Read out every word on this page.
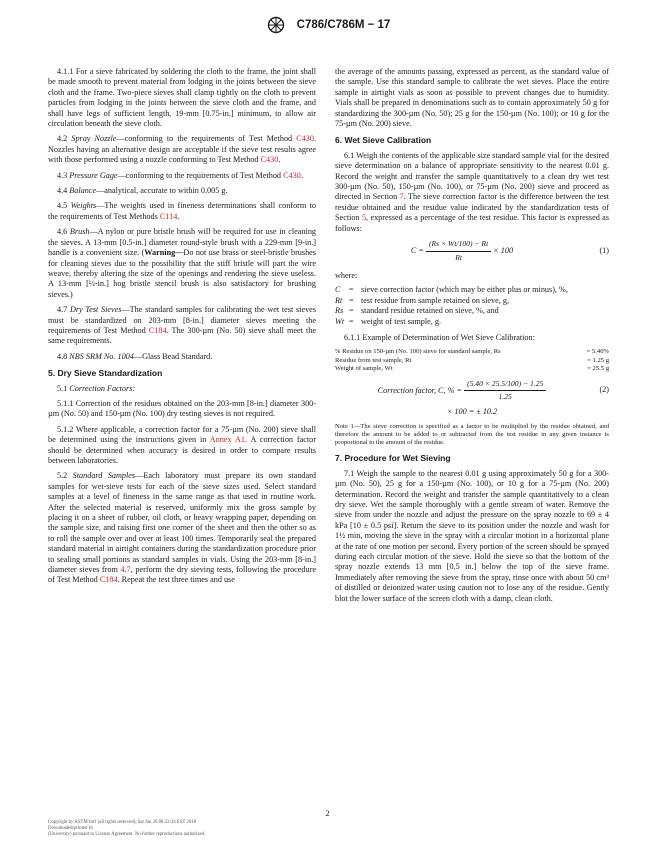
C786/C786M − 17

4.1.1 For a sieve fabricated by soldering the cloth to the frame, the joint shall be made smooth to prevent material from lodging in the joints between the sieve cloth and the frame. Two-piece sieves shall clamp tightly on the cloth to prevent particles from lodging in the joints between the sieve cloth and the frame, and shall have legs of sufficient length, 19-mm [0.75-in.] minimum, to allow air circulation beneath the sieve cloth.

4.2 Spray Nozzle—conforming to the requirements of Test Method C430. Nozzles having an alternative design are acceptable if the sieve test results agree with those performed using a nozzle conforming to Test Method C430.

4.3 Pressure Gage—conforming to the requirements of Test Method C430.

4.4 Balance—analytical, accurate to within 0.005 g.

4.5 Weights—The weights used in fineness determinations shall conform to the requirements of Test Methods C114.

4.6 Brush—A nylon or pure bristle brush will be required for use in cleaning the sieves. A 13-mm [0.5-in.] diameter round-style brush with a 229-mm [9-in.] handle is a convenient size. (Warning—Do not use brass or steel-bristle brushes for cleaning sieves due to the possibility that the stiff bristle will part the wire weave, thereby altering the size of the openings and rendering the sieve useless. A 13-mm [½-in.] hog bristle stencil brush is also satisfactory for brushing sieves.)

4.7 Dry Test Sieves—The standard samples for calibrating the wet test sieves must be standardized on 203-mm [8-in.] diameter sieves meeting the requirements of Test Method C184. The 300-µm (No. 50) sieve shall meet the same requirements.

4.8 NBS SRM No. 1004—Glass Bead Standard.

5. Dry Sieve Standardization

5.1 Correction Factors:

5.1.1 Correction of the residues obtained on the 203-mm [8-in.] diameter 300-µm (No. 50) and 150-µm (No. 100) dry testing sieves is not required.

5.1.2 Where applicable, a correction factor for a 75-µm (No. 200) sieve shall be determined using the instructions given in Annex A1. A correction factor should be determined when accuracy is desired in order to compare results between laboratories.

5.2 Standard Samples—Each laboratory must prepare its own standard samples for wet-sieve tests for each of the sieve sizes used. Select standard samples at a level of fineness in the same range as that used in routine work. After the selected material is reserved, uniformly mix the gross sample by placing it on a sheet of rubber, oil cloth, or heavy wrapping paper, depending on the sample size, and raising first one corner of the sheet and then the other so as to roll the sample over and over at least 100 times. Temporarily seal the prepared standard material in airtight containers during the standardization procedure prior to sealing small portions as standard samples in vials. Using the 203-mm [8-in.] diameter sieves from 4.7, perform the dry sieving tests, following the procedure of Test Method C184. Repeat the test three times and use

the average of the amounts passing, expressed as percent, as the standard value of the sample. Use this standard sample to calibrate the wet sieves. Place the entire sample in airtight vials as soon as possible to prevent changes due to humidity. Vials shall be prepared in denominations such as to contain approximately 50 g for standardizing the 300-µm (No. 50); 25 g for the 150-µm (No. 100); or 10 g for the 75-µm (No. 200) sieve.

6. Wet Sieve Calibration

6.1 Weigh the contents of the applicable size standard sample vial for the desired sieve determination on a balance of appropriate sensitivity to the nearest 0.01 g. Record the weight and transfer the sample quantitatively to a clean dry wet test 300-µm (No. 50), 150-µm (No. 100), or 75-µm (No. 200) sieve and proceed as directed in Section 7. The sieve correction factor is the difference between the test residue obtained and the residue value indicated by the standardization tests of Section 5, expressed as a percentage of the test residue. This factor is expressed as follows:

$C = \frac{(Rs \times Wt/100) - Rt}{Rt} \times 100$	(1)
where:
C	= sieve correction factor (which may be either plus or minus), %,
Rt = test residue from sample retained on sieve, g,
Rs = standard residue retained on sieve, %, and
Wt = weight of test sample, g.

6.1.1 Example of Determination of Wet Sieve Calibration:

% Residue on 150-µm (No. 100) sieve for standard sample, Rs	= 5.40%
Residue from test sample, Rt	= 1.25 g
Weight of sample, Wt	= 25.5 g
Correction factor, C, % = $\frac{(5.40 \times 25.5/100) - 1.25}{1.25}$	(2)
× 100 = ± 10.2
Note 1—The sieve correction is specified as a factor to be multiplied by the residue obtained, and therefore the amount to be added to or subtracted from the test residue in any given instance is proportional to the amount of the residue.
7. Procedure for Wet Sieving

7.1 Weigh the sample to the nearest 0.01 g using approximately 50 g for a 300-µm (No. 50), 25 g for a 150-µm (No. 100), or 10 g for a 75-µm (No. 200) determination. Record the weight and transfer the sample quantitatively to a clean dry sieve. Wet the sample thoroughly with a gentle stream of water. Remove the sieve from under the nozzle and adjust the pressure on the spray nozzle to 69 ± 4 kPa [10 ± 0.5 psi]. Return the sieve to its position under the nozzle and wash for 1½ min, moving the sieve in the spray with a circular motion in a horizontal plane at the rate of one motion per second. Every portion of the screen should be sprayed during each circular motion of the sieve. Hold the sieve so that the bottom of the spray nozzle extends 13 mm [0.5 in.] below the top of the sieve frame. Immediately after removing the sieve from the spray, rinse once with about 50 cm³ of distilled or deionized water using caution not to lose any of the residue. Gently blot the lower surface of the screen cloth with a damp, clean cloth.

2
Copyright by ASTM Int'l (all rights reserved); Sat Jan 20 08:23:34 EST 2018
Downloaded/printed by
(University) pursuant to License Agreement. No further reproductions authorized.
